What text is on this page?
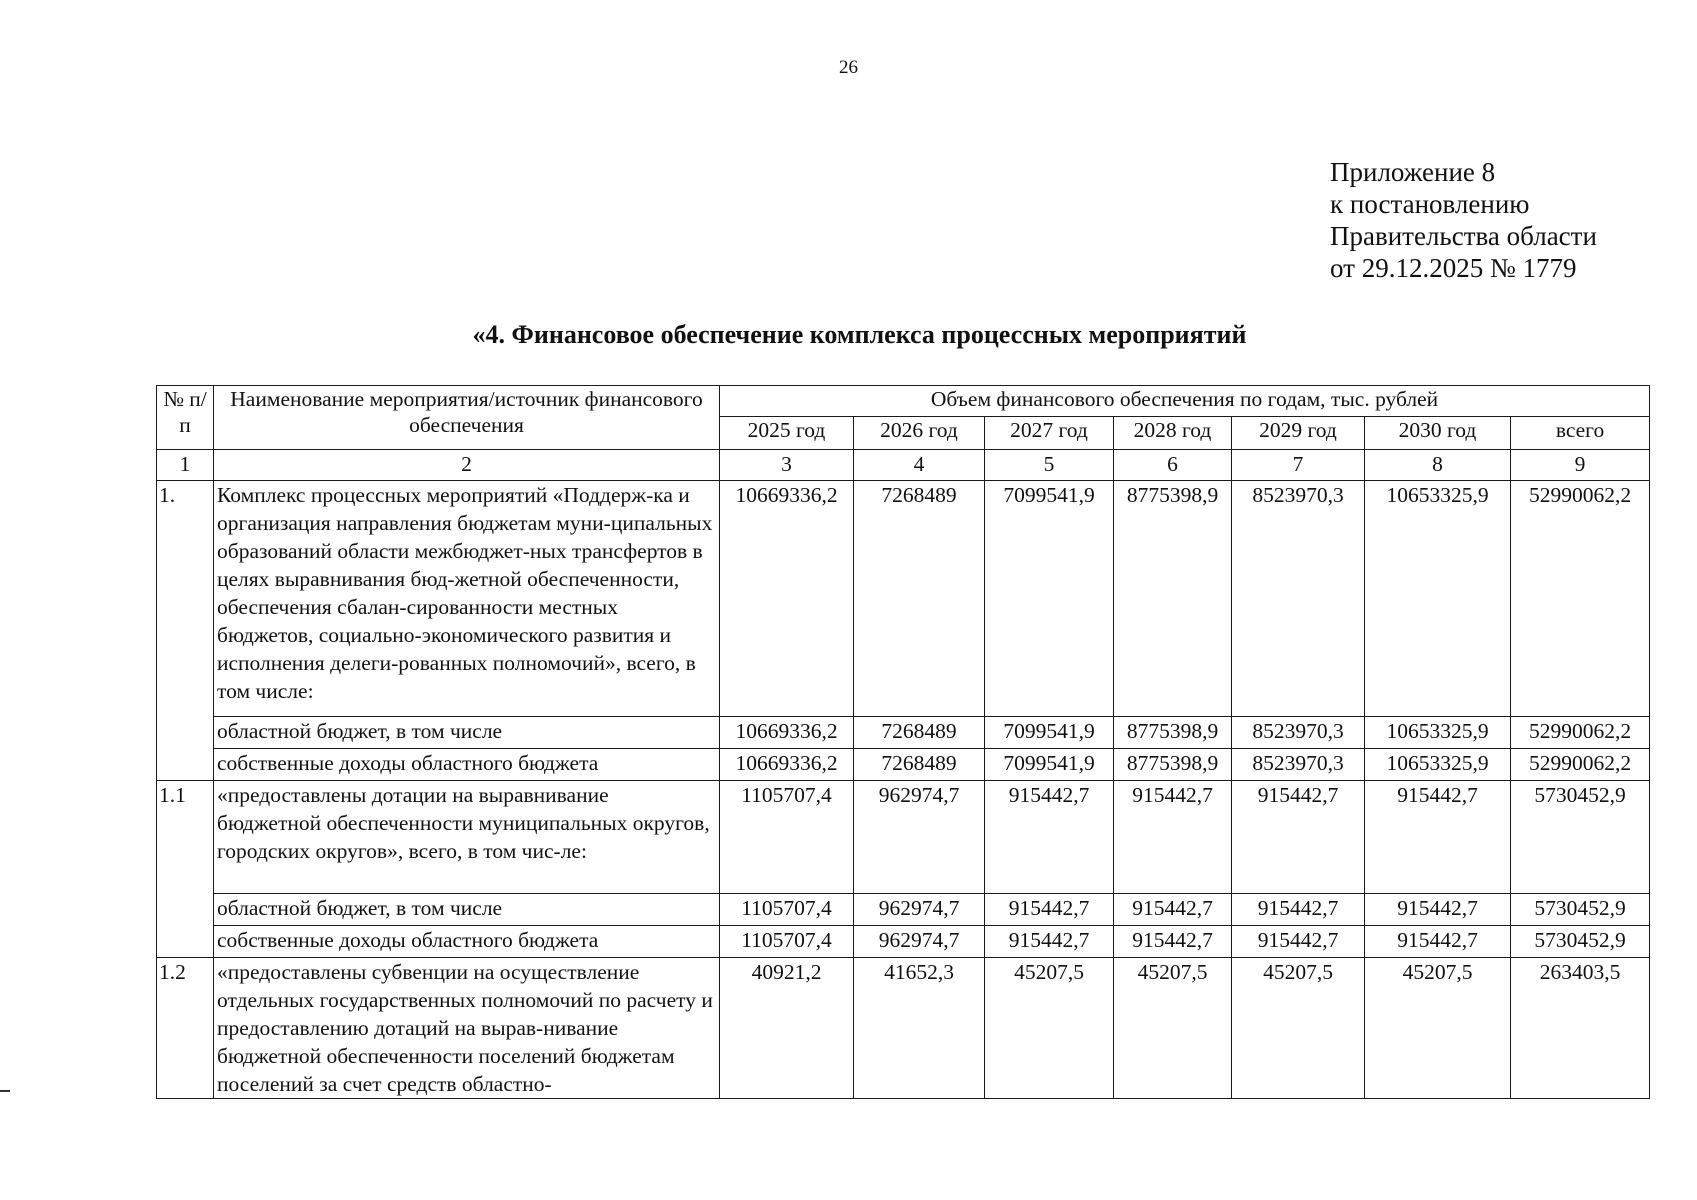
26
Приложение 8
к постановлению
Правительства области
от 29.12.2025 № 1779
«4. Финансовое обеспечение комплекса процессных мероприятий
№ п/п	Наименование мероприятия/источник финансового обеспечения	Объем финансового обеспечения по годам, тыс. рублей						
		2025 год	2026 год	2027 год	2028 год	2029 год	2030 год	всего
1	2	3	4	5	6	7	8	9
1.	Комплекс процессных мероприятий «Поддерж-ка и организация направления бюджетам муни-ципальных образований области межбюджет-ных трансфертов в целях выравнивания бюд-жетной обеспеченности, обеспечения сбалан-сированности местных бюджетов, социально-экономического развития и исполнения делеги-рованных полномочий», всего, в том числе:	10669336,2	7268489	7099541,9	8775398,9	8523970,3	10653325,9	52990062,2
	областной бюджет, в том числе	10669336,2	7268489	7099541,9	8775398,9	8523970,3	10653325,9	52990062,2
	собственные доходы областного бюджета	10669336,2	7268489	7099541,9	8775398,9	8523970,3	10653325,9	52990062,2
1.1	«предоставлены дотации на выравнивание бюджетной обеспеченности муниципальных округов, городских округов», всего, в том чис-ле:	1105707,4	962974,7	915442,7	915442,7	915442,7	915442,7	5730452,9
	областной бюджет, в том числе	1105707,4	962974,7	915442,7	915442,7	915442,7	915442,7	5730452,9
	собственные доходы областного бюджета	1105707,4	962974,7	915442,7	915442,7	915442,7	915442,7	5730452,9
1.2	«предоставлены субвенции на осуществление отдельных государственных полномочий по расчету и предоставлению дотаций на вырав-нивание бюджетной обеспеченности поселений бюджетам поселений за счет средств областно-	40921,2	41652,3	45207,5	45207,5	45207,5	45207,5	263403,5
